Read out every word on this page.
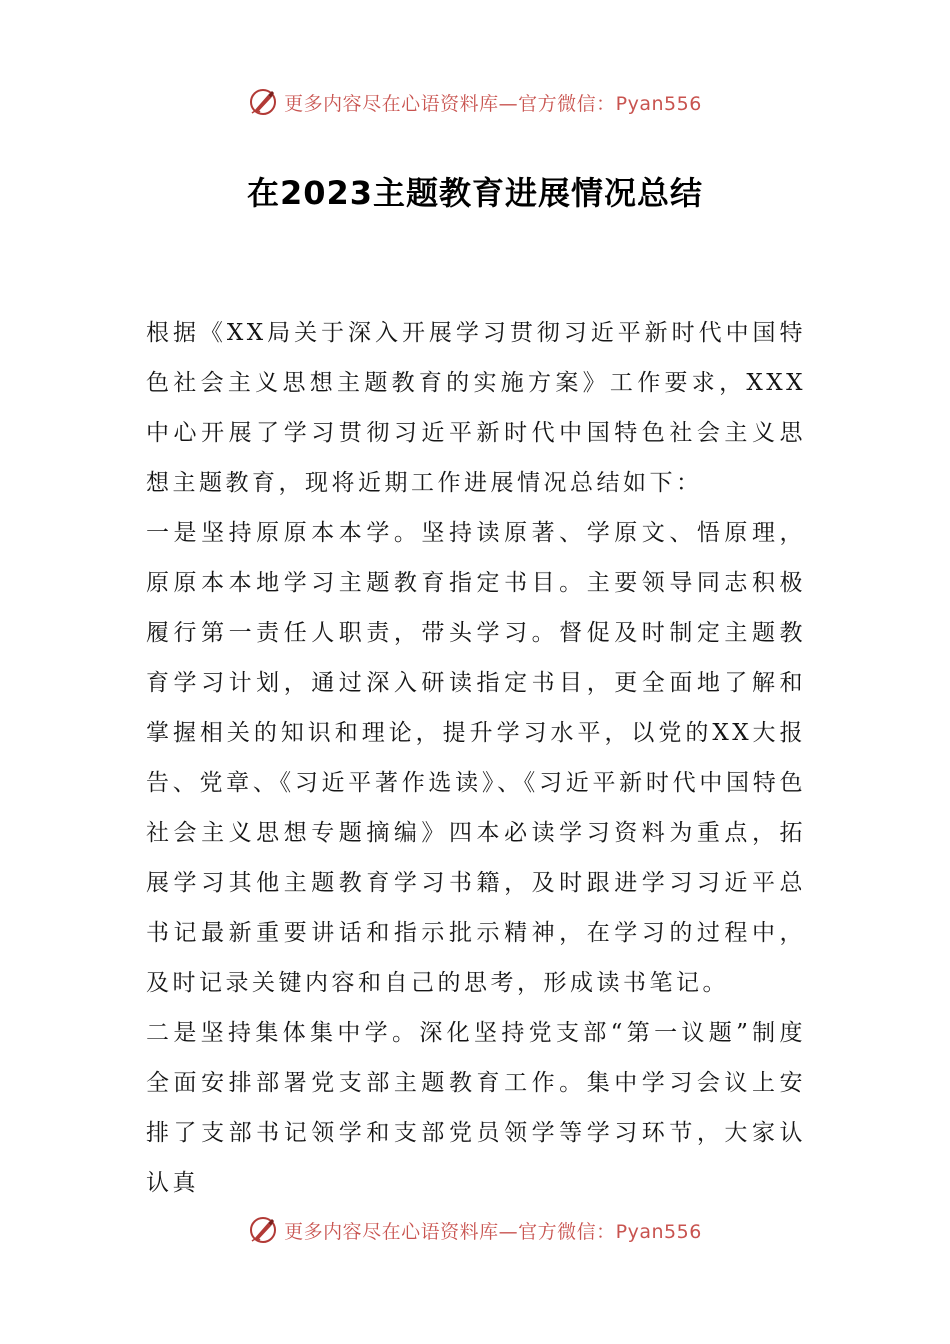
更多内容尽在心语资料库—官方微信：Pyan556
在2023主题教育进展情况总结

根据《XX局关于深入开展学习贯彻习近平新时代中国特色社会主义思想主题教育的实施方案》工作要求，XXX中心开展了学习贯彻习近平新时代中国特色社会主义思想主题教育，现将近期工作进展情况总结如下：

一是坚持原原本本学。坚持读原著、学原文、悟原理，原原本本地学习主题教育指定书目。主要领导同志积极履行第一责任人职责，带头学习。督促及时制定主题教育学习计划，通过深入研读指定书目，更全面地了解和掌握相关的知识和理论，提升学习水平，以党的XX大报告、党章、《习近平著作选读》、《习近平新时代中国特色社会主义思想专题摘编》四本必读学习资料为重点，拓展学习其他主题教育学习书籍，及时跟进学习习近平总书记最新重要讲话和指示批示精神，在学习的过程中，及时记录关键内容和自己的思考，形成读书笔记。

二是坚持集体集中学。深化坚持党支部“第一议题”制度全面安排部署党支部主题教育工作。集中学习会议上安排了支部书记领学和支部党员领学等学习环节，大家认认真

更多内容尽在心语资料库—官方微信：Pyan556
